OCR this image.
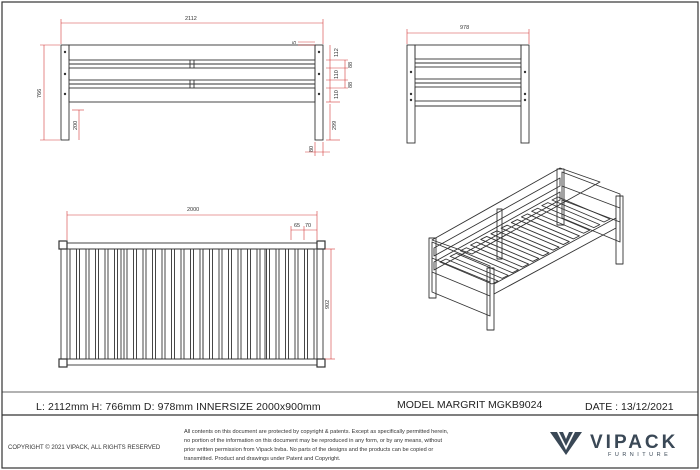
2112
766
5
200
112
110
110
88
88
299
80
978
2000
65 70
902
L: 2112mm H: 766mm D: 978mm INNERSIZE 2000x900mm	MODEL MARGRIT MGKB9024	DATE : 13/12/2021
COPYRIGHT © 2021 VIPACK, ALL RIGHTS RESERVED
All contents on this document are protected by copyright & patents. Except as specifically permitted herein,
no portion of the information on this document may be reproduced in any form, or by any means, without
prior written permission from Vipack bvba. No parts of the designs and the products can be copied or
transmitted. Product and drawings under Patent and Copyright.
VIPACK
FURNITURE
